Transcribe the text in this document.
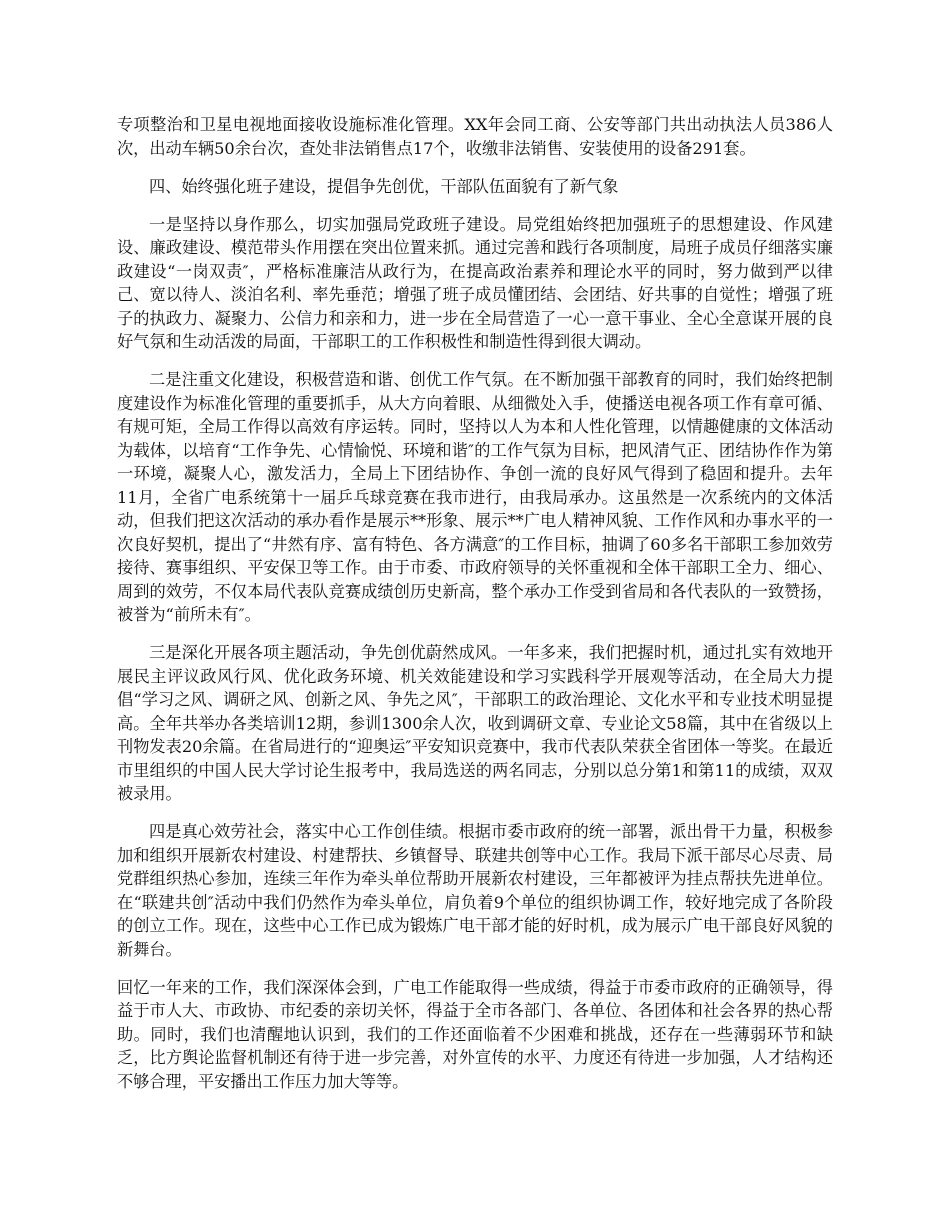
专项整治和卫星电视地面接收设施标准化管理。XX年会同工商、公安等部门共出动执法人员386人次，出动车辆50余台次，查处非法销售点17个，收缴非法销售、安装使用的设备291套。

四、始终强化班子建设，提倡争先创优，干部队伍面貌有了新气象

一是坚持以身作那么，切实加强局党政班子建设。局党组始终把加强班子的思想建设、作风建设、廉政建设、模范带头作用摆在突出位置来抓。通过完善和践行各项制度，局班子成员仔细落实廉政建设“一岗双责″，严格标准廉洁从政行为，在提高政治素养和理论水平的同时，努力做到严以律己、宽以待人、淡泊名利、率先垂范；增强了班子成员懂团结、会团结、好共事的自觉性；增强了班子的执政力、凝聚力、公信力和亲和力，进一步在全局营造了一心一意干事业、全心全意谋开展的良好气氛和生动活泼的局面，干部职工的工作积极性和制造性得到很大调动。

二是注重文化建设，积极营造和谐、创优工作气氛。在不断加强干部教育的同时，我们始终把制度建设作为标准化管理的重要抓手，从大方向着眼、从细微处入手，使播送电视各项工作有章可循、有规可矩，全局工作得以高效有序运转。同时，坚持以人为本和人性化管理，以情趣健康的文体活动为载体，以培育“工作争先、心情愉悦、环境和谐″的工作气氛为目标，把风清气正、团结协作作为第一环境，凝聚人心，激发活力，全局上下团结协作、争创一流的良好风气得到了稳固和提升。去年11月，全省广电系统第十一届乒乓球竞赛在我市进行，由我局承办。这虽然是一次系统内的文体活动，但我们把这次活动的承办看作是展示**形象、展示**广电人精神风貌、工作作风和办事水平的一次良好契机，提出了“井然有序、富有特色、各方满意″的工作目标，抽调了60多名干部职工参加效劳接待、赛事组织、平安保卫等工作。由于市委、市政府领导的关怀重视和全体干部职工全力、细心、周到的效劳，不仅本局代表队竞赛成绩创历史新高，整个承办工作受到省局和各代表队的一致赞扬，被誉为“前所未有″。

三是深化开展各项主题活动，争先创优蔚然成风。一年多来，我们把握时机，通过扎实有效地开展民主评议政风行风、优化政务环境、机关效能建设和学习实践科学开展观等活动，在全局大力提倡“学习之风、调研之风、创新之风、争先之风″，干部职工的政治理论、文化水平和专业技术明显提高。全年共举办各类培训12期，参训1300余人次，收到调研文章、专业论文58篇，其中在省级以上刊物发表20余篇。在省局进行的“迎奥运″平安知识竞赛中，我市代表队荣获全省团体一等奖。在最近市里组织的中国人民大学讨论生报考中，我局选送的两名同志，分别以总分第1和第11的成绩，双双被录用。

四是真心效劳社会，落实中心工作创佳绩。根据市委市政府的统一部署，派出骨干力量，积极参加和组织开展新农村建设、村建帮扶、乡镇督导、联建共创等中心工作。我局下派干部尽心尽责、局党群组织热心参加，连续三年作为牵头单位帮助开展新农村建设，三年都被评为挂点帮扶先进单位。在“联建共创″活动中我们仍然作为牵头单位，肩负着9个单位的组织协调工作，较好地完成了各阶段的创立工作。现在，这些中心工作已成为锻炼广电干部才能的好时机，成为展示广电干部良好风貌的新舞台。

回忆一年来的工作，我们深深体会到，广电工作能取得一些成绩，得益于市委市政府的正确领导，得益于市人大、市政协、市纪委的亲切关怀，得益于全市各部门、各单位、各团体和社会各界的热心帮助。同时，我们也清醒地认识到，我们的工作还面临着不少困难和挑战，还存在一些薄弱环节和缺乏，比方舆论监督机制还有待于进一步完善，对外宣传的水平、力度还有待进一步加强，人才结构还不够合理，平安播出工作压力加大等等。
